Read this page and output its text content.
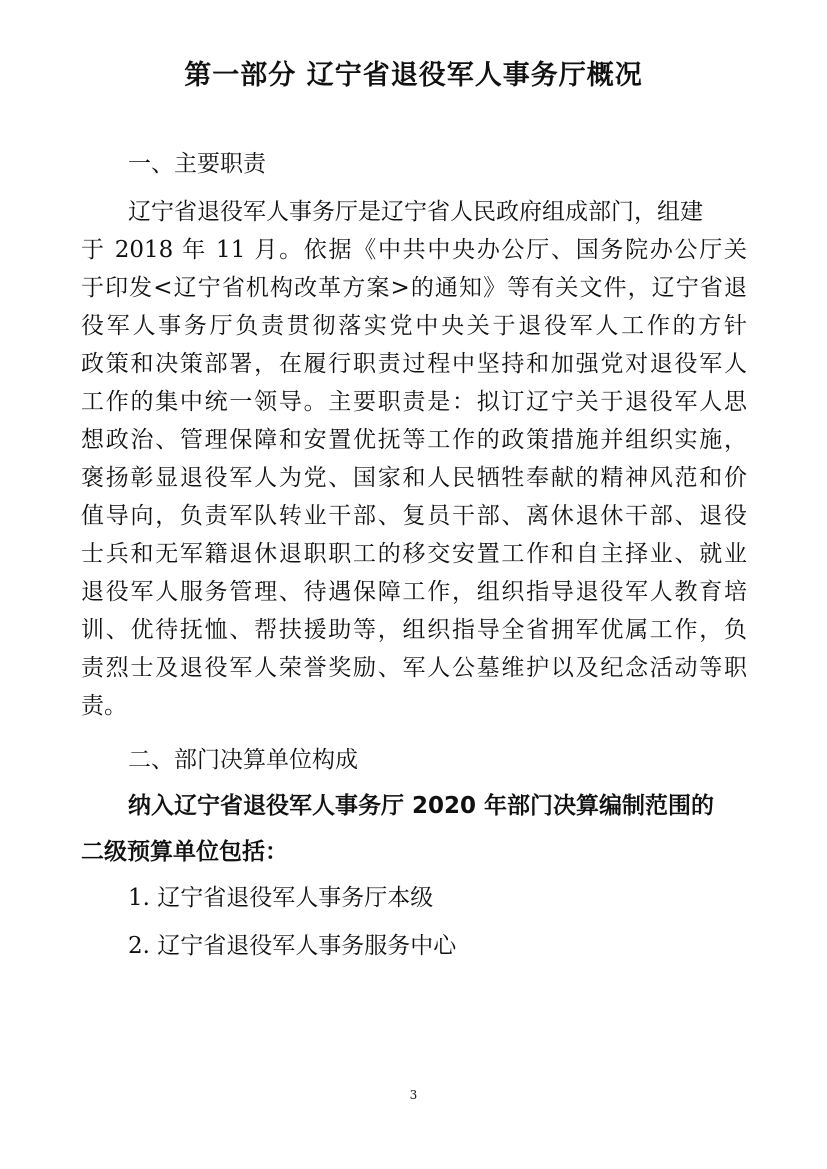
第一部分 辽宁省退役军人事务厅概况
一、主要职责
辽宁省退役军人事务厅是辽宁省人民政府组成部门，组建
于 2018 年 11 月。依据《中共中央办公厅、国务院办公厅关
于印发<辽宁省机构改革方案>的通知》等有关文件，辽宁省退
役军人事务厅负责贯彻落实党中央关于退役军人工作的方针
政策和决策部署，在履行职责过程中坚持和加强党对退役军人
工作的集中统一领导。主要职责是：拟订辽宁关于退役军人思
想政治、管理保障和安置优抚等工作的政策措施并组织实施，
褒扬彰显退役军人为党、国家和人民牺牲奉献的精神风范和价
值导向，负责军队转业干部、复员干部、离休退休干部、退役
士兵和无军籍退休退职职工的移交安置工作和自主择业、就业
退役军人服务管理、待遇保障工作，组织指导退役军人教育培
训、优待抚恤、帮扶援助等，组织指导全省拥军优属工作，负
责烈士及退役军人荣誉奖励、军人公墓维护以及纪念活动等职
责。
二、部门决算单位构成
纳入辽宁省退役军人事务厅 2020 年部门决算编制范围的
二级预算单位包括：
1. 辽宁省退役军人事务厅本级
2. 辽宁省退役军人事务服务中心
3
